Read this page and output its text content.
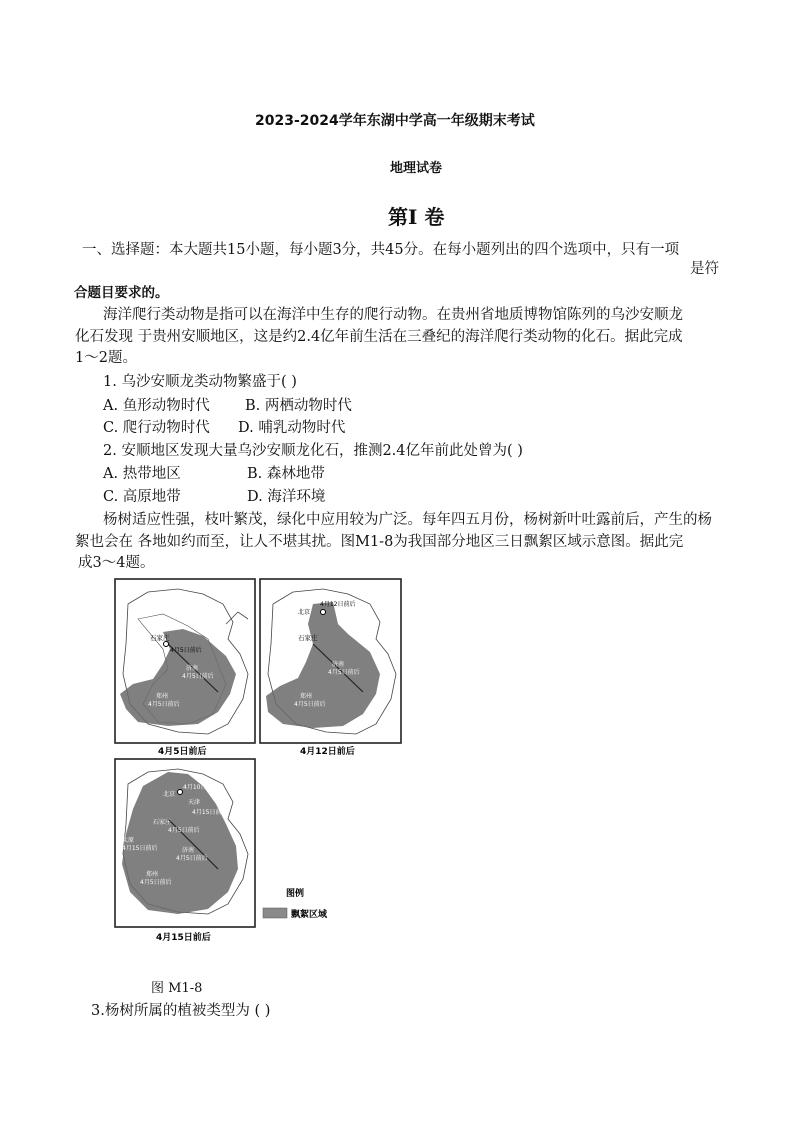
2023-2024学年东湖中学高一年级期末考试
地理试卷
第I 卷
一、选择题：本大题共15小题，每小题3分，共45分。在每小题列出的四个选项中，只有一项
是符
合题目要求的。
海洋爬行类动物是指可以在海洋中生存的爬行动物。在贵州省地质博物馆陈列的乌沙安顺龙
化石发现 于贵州安顺地区，这是约2.4亿年前生活在三叠纪的海洋爬行类动物的化石。据此完成
1～2题。
1. 乌沙安顺龙类动物繁盛于( )
A. 鱼形动物时代 B. 两栖动物时代
C. 爬行动物时代 D. 哺乳动物时代
2. 安顺地区发现大量乌沙安顺龙化石，推测2.4亿年前此处曾为( )
A. 热带地区	B. 森林地带
C. 高原地带	D. 海洋环境
杨树适应性强，枝叶繁茂，绿化中应用较为广泛。每年四五月份，杨树新叶吐露前后，产生的杨
絮也会在 各地如约而至，让人不堪其扰。图M1-8为我国部分地区三日飘絮区域示意图。据此完
成3～4题。
石家庄
4月5日前后
济南
4月5日前后
郑州
4月5日前后
4月5日前后
北京
4月12日前后
石家庄
济南
4月5日前后
郑州
4月5日前后
4月12日前后
北京
4月10日前后
天津
4月15日前后
石家庄
4月5日前后
太原
4月15日前后	济南
4月5日前后
郑州
4月5日前后
4月15日前后
图例
飘絮区域
图 M1-8
3.杨树所属的植被类型为 ( )
